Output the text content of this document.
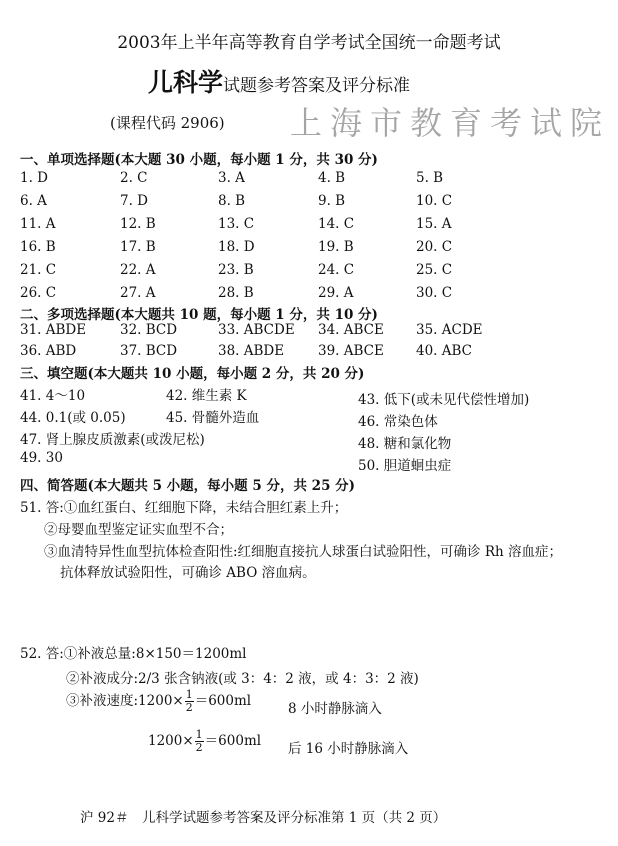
2003年上半年高等教育自学考试全国统一命题考试
儿科学试题参考答案及评分标准
(课程代码 2906) 上海市教育考试院
一、单项选择题(本大题 30 小题，每小题 1 分，共 30 分)
二、多项选择题(本大题共 10 题，每小题 1 分，共 10 分)
三、填空题(本大题共 10 小题，每小题 2 分，共 20 分)
四、简答题(本大题共 5 小题，每小题 5 分，共 25 分)
51. 答:①血红蛋白、红细胞下降，未结合胆红素上升；
②母婴血型鉴定证实血型不合；
③血清特异性血型抗体检查阳性:红细胞直接抗人球蛋白试验阳性，可确诊 Rh 溶血症；
抗体释放试验阳性，可确诊 ABO 溶血病。
52. 答:①补液总量:8×150＝1200ml
②补液成分:2/3 张含钠液(或 3：4：2 液，或 4：3：2 液)
③补液速度:1200× $\frac{1}{2} =600ml$	8 小时静脉滴入
$1200\times \frac{1}{2} =600ml$ 后 16 小时静脉滴入
沪 92＃　儿科学试题参考答案及评分标准第 1 页（共 2 页）
1. D	2. C	3. A	4. B	5. B
6. A	7. D	8. B	9. B	10. C
11. A	12. B	13. C	14. C	15. A
16. B	17. B	18. D	19. B	20. C
21. C	22. A	23. B	24. C	25. C
26. C	27. A	28. B	29. A	30. C
31. ABDE	32. BCD	33. ABCDE 34. ABCE 35. ACDE
36. ABD	37. BCD	38. ABDE	39. ABCE 40. ABC
41. 4～10	42. 维生素 K	43. 低下(或未见代偿性增加)
44. 0.1(或 0.05)	45. 骨髓外造血	46. 常染色体
47. 肾上腺皮质激素(或泼尼松)	48. 糖和氯化物
49. 30	50. 胆道蛔虫症
